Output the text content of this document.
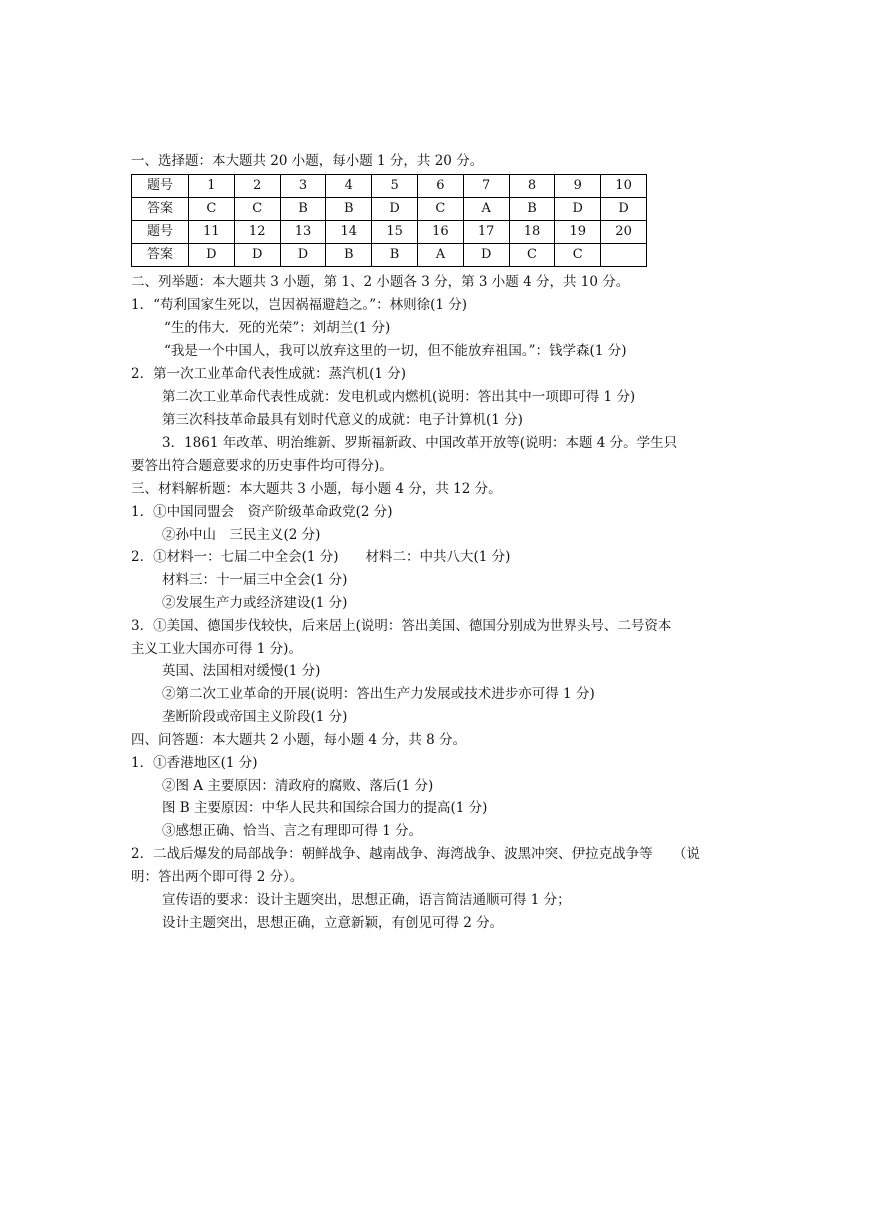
一、选择题：本大题共 20 小题，每小题 1 分，共 20 分。
题号	1	2	3	4	5	6	7	8	9	10
答案	C	C	B	B	D	C	A	B	D	D
题号	11	12	13	14	15	16	17	18	19	20
答案	D	D	D	B	B	A	D	C	C	
二、列举题：本大题共 3 小题，第 1、2 小题各 3 分，第 3 小题 4 分，共 10 分。
1．“苟利国家生死以，岂因祸福避趋之。”：林则徐(1 分)
“生的伟大．死的光荣”：刘胡兰(1 分)
“我是一个中国人，我可以放弃这里的一切，但不能放弃祖国。”：钱学森(1 分)
2．第一次工业革命代表性成就：蒸汽机(1 分)
第二次工业革命代表性成就：发电机或内燃机(说明：答出其中一项即可得 1 分)
第三次科技革命最具有划时代意义的成就：电子计算机(1 分)
3．1861 年改革、明治维新、罗斯福新政、中国改革开放等(说明：本题 4 分。学生只
要答出符合题意要求的历史事件均可得分)。
三、材料解析题：本大题共 3 小题，每小题 4 分，共 12 分。
1．①中国同盟会　资产阶级革命政党(2 分)
②孙中山　三民主义(2 分)
2．①材料一：七届二中全会(1 分)　　材料二：中共八大(1 分)
材料三：十一届三中全会(1 分)
②发展生产力或经济建设(1 分)
3．①美国、德国步伐较快，后来居上(说明：答出美国、德国分别成为世界头号、二号资本
主义工业大国亦可得 1 分)。
英国、法国相对缓慢(1 分)
②第二次工业革命的开展(说明：答出生产力发展或技术进步亦可得 1 分)
垄断阶段或帝国主义阶段(1 分)
四、问答题：本大题共 2 小题，每小题 4 分，共 8 分。
1．①香港地区(1 分)
②图 A 主要原因：清政府的腐败、落后(1 分)
图 B 主要原因：中华人民共和国综合国力的提高(1 分)
③感想正确、恰当、言之有理即可得 1 分。
2．二战后爆发的局部战争：朝鲜战争、越南战争、海湾战争、波黑冲突、伊拉克战争等　　（说
明：答出两个即可得 2 分）。
宣传语的要求：设计主题突出，思想正确，语言简洁通顺可得 1 分；
设计主题突出，思想正确，立意新颖，有创见可得 2 分。
